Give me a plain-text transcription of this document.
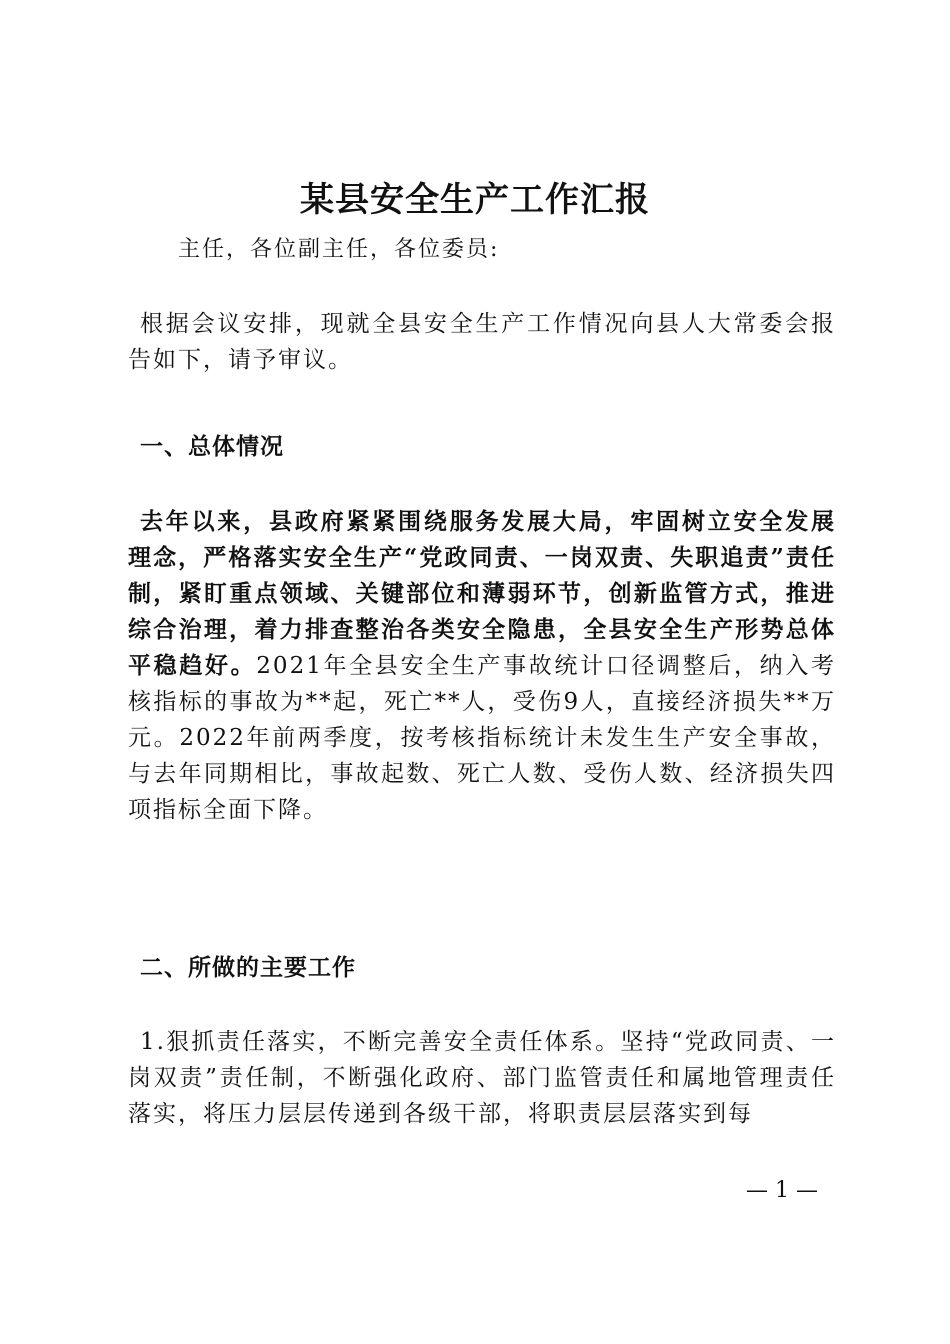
某县安全生产工作汇报

主任，各位副主任，各位委员:

根据会议安排，现就全县安全生产工作情况向县人大常委会报告如下，请予审议。

一、总体情况

去年以来，县政府紧紧围绕服务发展大局，牢固树立安全发展理念，严格落实安全生产“党政同责、一岗双责、失职追责”责任制，紧盯重点领域、关键部位和薄弱环节，创新监管方式，推进综合治理，着力排查整治各类安全隐患，全县安全生产形势总体平稳趋好。2021年全县安全生产事故统计口径调整后，纳入考核指标的事故为**起，死亡**人，受伤9人，直接经济损失**万元。2022年前两季度，按考核指标统计未发生生产安全事故，与去年同期相比，事故起数、死亡人数、受伤人数、经济损失四项指标全面下降。

二、所做的主要工作

1.狠抓责任落实，不断完善安全责任体系。坚持“党政同责、一岗双责”责任制，不断强化政府、部门监管责任和属地管理责任落实，将压力层层传递到各级干部，将职责层层落实到每

— 1 —
